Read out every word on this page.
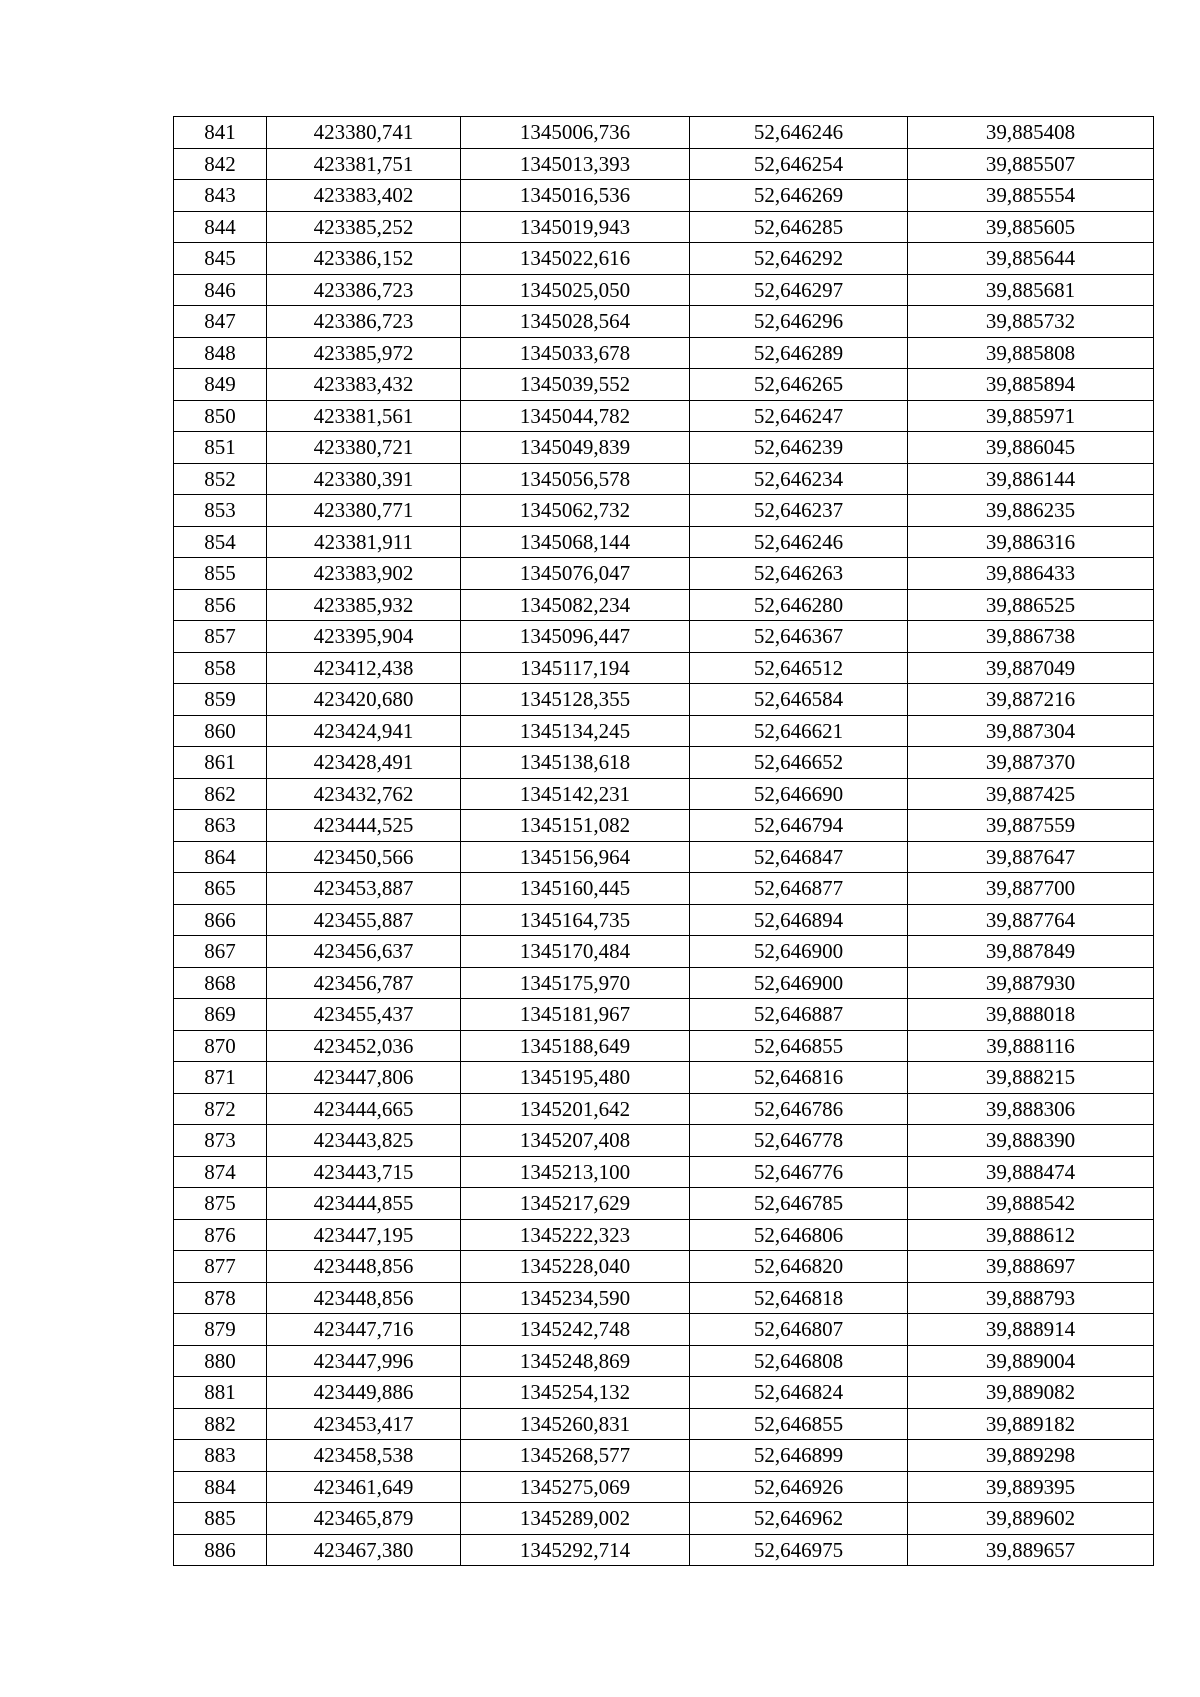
841	423380,741	1345006,736	52,646246	39,885408
842	423381,751	1345013,393	52,646254	39,885507
843	423383,402	1345016,536	52,646269	39,885554
844	423385,252	1345019,943	52,646285	39,885605
845	423386,152	1345022,616	52,646292	39,885644
846	423386,723	1345025,050	52,646297	39,885681
847	423386,723	1345028,564	52,646296	39,885732
848	423385,972	1345033,678	52,646289	39,885808
849	423383,432	1345039,552	52,646265	39,885894
850	423381,561	1345044,782	52,646247	39,885971
851	423380,721	1345049,839	52,646239	39,886045
852	423380,391	1345056,578	52,646234	39,886144
853	423380,771	1345062,732	52,646237	39,886235
854	423381,911	1345068,144	52,646246	39,886316
855	423383,902	1345076,047	52,646263	39,886433
856	423385,932	1345082,234	52,646280	39,886525
857	423395,904	1345096,447	52,646367	39,886738
858	423412,438	1345117,194	52,646512	39,887049
859	423420,680	1345128,355	52,646584	39,887216
860	423424,941	1345134,245	52,646621	39,887304
861	423428,491	1345138,618	52,646652	39,887370
862	423432,762	1345142,231	52,646690	39,887425
863	423444,525	1345151,082	52,646794	39,887559
864	423450,566	1345156,964	52,646847	39,887647
865	423453,887	1345160,445	52,646877	39,887700
866	423455,887	1345164,735	52,646894	39,887764
867	423456,637	1345170,484	52,646900	39,887849
868	423456,787	1345175,970	52,646900	39,887930
869	423455,437	1345181,967	52,646887	39,888018
870	423452,036	1345188,649	52,646855	39,888116
871	423447,806	1345195,480	52,646816	39,888215
872	423444,665	1345201,642	52,646786	39,888306
873	423443,825	1345207,408	52,646778	39,888390
874	423443,715	1345213,100	52,646776	39,888474
875	423444,855	1345217,629	52,646785	39,888542
876	423447,195	1345222,323	52,646806	39,888612
877	423448,856	1345228,040	52,646820	39,888697
878	423448,856	1345234,590	52,646818	39,888793
879	423447,716	1345242,748	52,646807	39,888914
880	423447,996	1345248,869	52,646808	39,889004
881	423449,886	1345254,132	52,646824	39,889082
882	423453,417	1345260,831	52,646855	39,889182
883	423458,538	1345268,577	52,646899	39,889298
884	423461,649	1345275,069	52,646926	39,889395
885	423465,879	1345289,002	52,646962	39,889602
886	423467,380	1345292,714	52,646975	39,889657
